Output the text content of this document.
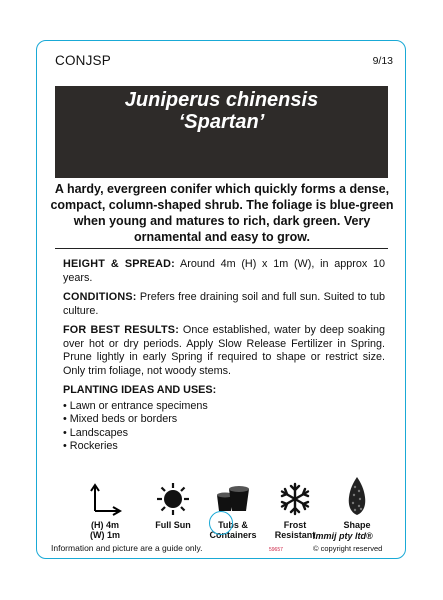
CONJSP	9/13
Juniperus chinensis
‘Spartan’
A hardy, evergreen conifer which quickly forms a dense, compact, column-shaped shrub. The foliage is blue-green when young and matures to rich, dark green. Very ornamental and easy to grow.

HEIGHT & SPREAD: Around 4m (H) x 1m (W), in approx 10 years.

CONDITIONS: Prefers free draining soil and full sun. Suited to tub culture.

FOR BEST RESULTS: Once established, water by deep soaking over hot or dry periods. Apply Slow Release Fertilizer in Spring. Prune lightly in early Spring if required to shape or restrict size. Only trim foliage, not woody stems.

PLANTING IDEAS AND USES:
• Lawn or entrance specimens
• Mixed beds or borders
• Landscapes
• Rockeries
(H) 4m
(W) 1m
Full Sun	Tubs &
Containers
Frost
Resistant
Shape
Information and picture are a guide only.	59657
immij pty ltd®
© copyright reserved
